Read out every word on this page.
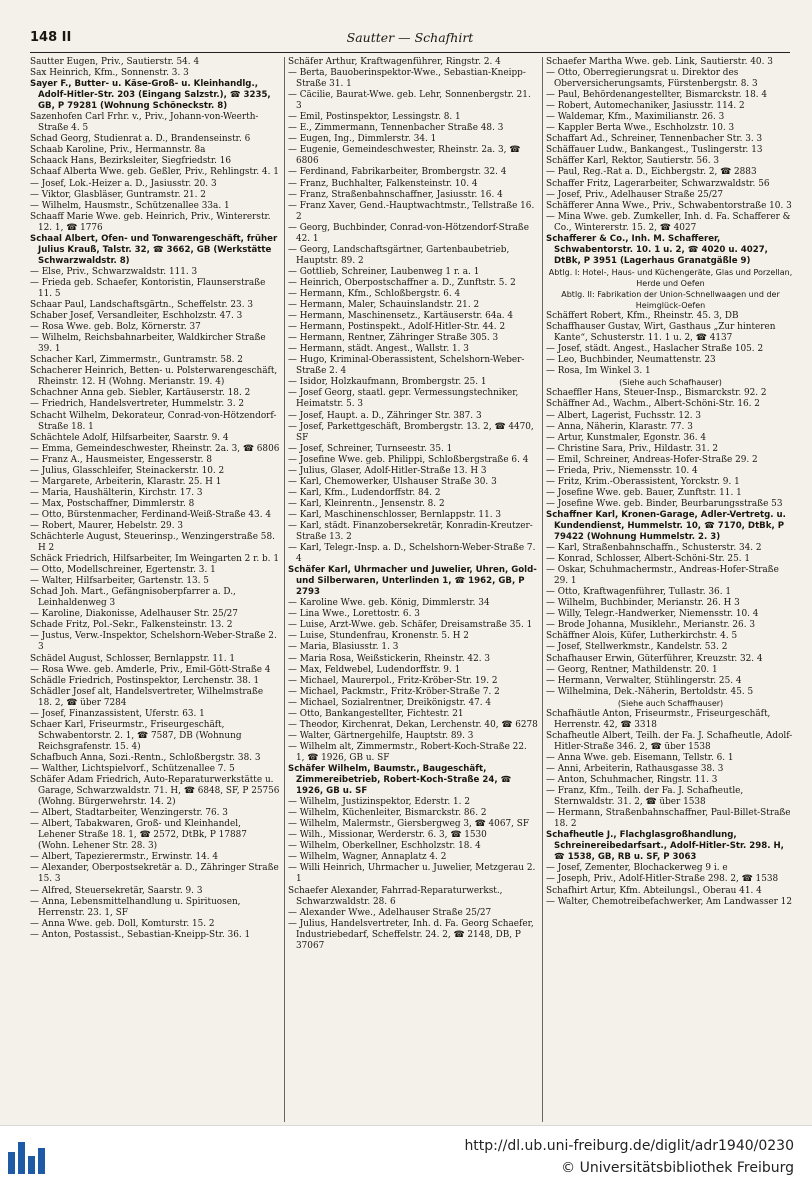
148 II	Sautter — Schafhirt
Sautter Eugen, Priv., Sautierstr. 54. 4
Sax Heinrich, Kfm., Sonnenstr. 3. 3
Sayer F., Butter- u. Käse-Groß- u. Kleinhandlg., Adolf-Hitler-Str. 203 (Eingang Salzstr.), ☎ 3235, GB, P 79281 (Wohnung Schöneckstr. 8)
Sazenhofen Carl Frhr. v., Priv., Johann-von-Weerth-Straße 4. 5
Schad Georg, Studienrat a. D., Brandenseinstr. 6
Schaab Karoline, Priv., Hermannstr. 8a
Schaack Hans, Bezirksleiter, Siegfriedstr. 16
Schaaf Alberta Wwe. geb. Geßler, Priv., Rehlingstr. 4. 1
— Josef, Lok.-Heizer a. D., Jasiusstr. 20. 3
— Viktor, Glasbläser, Guntramstr. 21. 2
— Wilhelm, Hausmstr., Schützenallee 33a. 1
Schaaff Marie Wwe. geb. Heinrich, Priv., Wintererstr. 12. 1, ☎ 1776
Schaal Albert, Ofen- und Tonwarengeschäft, früher Julius Krauß, Talstr. 32, ☎ 3662, GB (Werkstätte Schwarzwaldstr. 8)
— Else, Priv., Schwarzwaldstr. 111. 3
— Frieda geb. Schaefer, Kontoristin, Flaunserstraße 11. 5
Schaar Paul, Landschaftsgärtn., Scheffelstr. 23. 3
Schaber Josef, Versandleiter, Eschholzstr. 47. 3
— Rosa Wwe. geb. Bolz, Körnerstr. 37
— Wilhelm, Reichsbahnarbeiter, Waldkircher Straße 39. 1
Schacher Karl, Zimmermstr., Guntramstr. 58. 2
Schacherer Heinrich, Betten- u. Polsterwarengeschäft, Rheinstr. 12. H (Wohng. Merianstr. 19. 4)
Schachner Anna geb. Siebler, Kartäuserstr. 18. 2
— Friedrich, Handelsvertreter, Hummelstr. 3. 2
Schacht Wilhelm, Dekorateur, Conrad-von-Hötzendorf-Straße 18. 1
Schächtele Adolf, Hilfsarbeiter, Saarstr. 9. 4
— Emma, Gemeindeschwester, Rheinstr. 2a. 3, ☎ 6806
— Franz A., Hausmeister, Engesserstr. 8
— Julius, Glasschleifer, Steinackerstr. 10. 2
— Margarete, Arbeiterin, Klarastr. 25. H 1
— Maria, Haushälterin, Kirchstr. 17. 3
— Max, Postschaffner, Dimmlerstr. 8
— Otto, Bürstenmacher, Ferdinand-Weiß-Straße 43. 4
— Robert, Maurer, Hebelstr. 29. 3
Schächterle August, Steuerinsp., Wenzingerstraße 58. H 2
Schäck Friedrich, Hilfsarbeiter, Im Weingarten 2 r. b. 1
— Otto, Modellschreiner, Egertenstr. 3. 1
— Walter, Hilfsarbeiter, Gartenstr. 13. 5
Schad Joh. Mart., Gefängnisoberpfarrer a. D., Leinhaldenweg 3
— Karoline, Diakonisse, Adelhauser Str. 25/27
Schade Fritz, Pol.-Sekr., Falkensteinstr. 13. 2
— Justus, Verw.-Inspektor, Schelshorn-Weber-Straße 2. 3
Schädel August, Schlosser, Bernlappstr. 11. 1
— Rosa Wwe. geb. Amderle, Priv., Emil-Gött-Straße 4
Schädle Friedrich, Postinspektor, Lerchenstr. 38. 1
Schädler Josef alt, Handelsvertreter, Wilhelmstraße 18. 2, ☎ über 7284
— Josef, Finanzassistent, Uferstr. 63. 1
Schaer Karl, Friseurmstr., Friseurgeschäft, Schwabentorstr. 2. 1, ☎ 7587, DB (Wohnung Reichsgrafenstr. 15. 4)
Schafbuch Anna, Sozi.-Rentn., Schloßbergstr. 38. 3
— Walther, Lichtspielvorf., Schützenallee 7. 5
Schäfer Adam Friedrich, Auto-Reparaturwerkstätte u. Garage, Schwarzwaldstr. 71. H, ☎ 6848, SF, P 25756 (Wohng. Bürgerwehrstr. 14. 2)
— Albert, Stadtarbeiter, Wenzingerstr. 76. 3
— Albert, Tabakwaren, Groß- und Kleinhandel, Lehener Straße 18. 1, ☎ 2572, DtBk, P 17887 (Wohn. Lehener Str. 28. 3)
— Albert, Tapezierermstr., Erwinstr. 14. 4
— Alexander, Oberpostsekretär a. D., Zähringer Straße 15. 3
— Alfred, Steuersekretär, Saarstr. 9. 3
— Anna, Lebensmittelhandlung u. Spirituosen, Herrenstr. 23. 1, SF
— Anna Wwe. geb. Doll, Komturstr. 15. 2
— Anton, Postassist., Sebastian-Kneipp-Str. 36. 1
Schäfer Arthur, Kraftwagenführer, Ringstr. 2. 4
— Berta, Bauoberinspektor-Wwe., Sebastian-Kneipp-Straße 31. 1
— Cäcilie, Baurat-Wwe. geb. Lehr, Sonnenbergstr. 21. 3
— Emil, Postinspektor, Lessingstr. 8. 1
— E., Zimmermann, Tennenbacher Straße 48. 3
— Eugen, Ing., Dimmlerstr. 34. 1
— Eugenie, Gemeindeschwester, Rheinstr. 2a. 3, ☎ 6806
— Ferdinand, Fabrikarbeiter, Brombergstr. 32. 4
— Franz, Buchhalter, Falkensteinstr. 10. 4
— Franz, Straßenbahnschaffner, Jasiusstr. 16. 4
— Franz Xaver, Gend.-Hauptwachtmstr., Tellstraße 16. 2
— Georg, Buchbinder, Conrad-von-Hötzendorf-Straße 42. 1
— Georg, Landschaftsgärtner, Gartenbaubetrieb, Hauptstr. 89. 2
— Gottlieb, Schreiner, Laubenweg 1 r. a. 1
— Heinrich, Oberpostschaffner a. D., Zunftstr. 5. 2
— Hermann, Kfm., Schloßbergstr. 6. 4
— Hermann, Maler, Schauinslandstr. 21. 2
— Hermann, Maschinensetz., Kartäuserstr. 64a. 4
— Hermann, Postinspekt., Adolf-Hitler-Str. 44. 2
— Hermann, Rentner, Zähringer Straße 305. 3
— Hermann, städt. Angest., Wallstr. 1. 3
— Hugo, Kriminal-Oberassistent, Schelshorn-Weber-Straße 2. 4
— Isidor, Holzkaufmann, Brombergstr. 25. 1
— Josef Georg, staatl. gepr. Vermessungstechniker, Heimatstr. 5. 3
— Josef, Haupt. a. D., Zähringer Str. 387. 3
— Josef, Parkettgeschäft, Brombergstr. 13. 2, ☎ 4470, SF
— Josef, Schreiner, Turnseestr. 35. 1
— Josefine Wwe. geb. Philippi, Schloßbergstraße 6. 4
— Julius, Glaser, Adolf-Hitler-Straße 13. H 3
— Karl, Chemowerker, Ulshauser Straße 30. 3
— Karl, Kfm., Ludendorffstr. 84. 2
— Karl, Kleinrentn., Jensenstr. 8. 2
— Karl, Maschinenschlosser, Bernlappstr. 11. 3
— Karl, städt. Finanzobersekretär, Konradin-Kreutzer-Straße 13. 2
— Karl, Telegr.-Insp. a. D., Schelshorn-Weber-Straße 7. 4
Schäfer Karl, Uhrmacher und Juwelier, Uhren, Gold- und Silberwaren, Unterlinden 1, ☎ 1962, GB, P 2793
— Karoline Wwe. geb. König, Dimmlerstr. 34
— Lina Wwe., Lorettostr. 6. 3
— Luise, Arzt-Wwe. geb. Schäfer, Dreisamstraße 35. 1
— Luise, Stundenfrau, Kronenstr. 5. H 2
— Maria, Blasiusstr. 1. 3
— Maria Rosa, Weißstickerin, Rheinstr. 42. 3
— Max, Feldwebel, Ludendorffstr. 9. 1
— Michael, Maurerpol., Fritz-Kröber-Str. 19. 2
— Michael, Packmstr., Fritz-Kröber-Straße 7. 2
— Michael, Sozialrentner, Dreikönigstr. 47. 4
— Otto, Bankangestellter, Fichtestr. 21
— Theodor, Kirchenrat, Dekan, Lerchenstr. 40, ☎ 6278
— Walter, Gärtnergehilfe, Hauptstr. 89. 3
— Wilhelm alt, Zimmermstr., Robert-Koch-Straße 22. 1, ☎ 1926, GB u. SF
Schäfer Wilhelm, Baumstr., Baugeschäft, Zimmereibetrieb, Robert-Koch-Straße 24, ☎ 1926, GB u. SF
— Wilhelm, Justizinspektor, Ederstr. 1. 2
— Wilhelm, Küchenleiter, Bismarckstr. 86. 2
— Wilhelm, Malermstr., Giersbergweg 3, ☎ 4067, SF
— Wilh., Missionar, Werderstr. 6. 3, ☎ 1530
— Wilhelm, Oberkellner, Eschholzstr. 18. 4
— Wilhelm, Wagner, Annaplatz 4. 2
— Willi Heinrich, Uhrmacher u. Juwelier, Metzgerau 2. 1
Schaefer Alexander, Fahrrad-Reparaturwerkst., Schwarzwaldstr. 28. 6
— Alexander Wwe., Adelhauser Straße 25/27
— Julius, Handelsvertreter, Inh. d. Fa. Georg Schaefer, Industriebedarf, Scheffelstr. 24. 2, ☎ 2148, DB, P 37067
Schaefer Martha Wwe. geb. Link, Sautierstr. 40. 3
— Otto, Oberregierungsrat u. Direktor des Oberversicherungsamts, Fürstenbergstr. 8. 3
— Paul, Behördenangestellter, Bismarckstr. 18. 4
— Robert, Automechaniker, Jasiusstr. 114. 2
— Waldemar, Kfm., Maximilianstr. 26. 3
— Kappler Berta Wwe., Eschholzstr. 10. 3
Schaffart Ad., Schreiner, Tennenbacher Str. 3. 3
Schäffauer Ludw., Bankangest., Tuslingerstr. 13
Schäffer Karl, Rektor, Sautierstr. 56. 3
— Paul, Reg.-Rat a. D., Eichbergstr. 2, ☎ 2883
Schaffer Fritz, Lagerarbeiter, Schwarzwaldstr. 56
— Josef, Priv., Adelhauser Straße 25/27
Schäfferer Anna Wwe., Priv., Schwabentorstraße 10. 3
— Mina Wwe. geb. Zumkeller, Inh. d. Fa. Schafferer & Co., Wintererstr. 15. 2, ☎ 4027
Schafferer & Co., Inh. M. Schafferer, Schwabentorstr. 10. 1 u. 2, ☎ 4020 u. 4027, DtBk, P 3951 (Lagerhaus Granatgäßle 9)
Abtlg. I: Hotel-, Haus- und Küchengeräte, Glas und Porzellan, Herde und Oefen
Abtlg. II: Fabrikation der Union-Schnellwaagen und der Heimglück-Oefen
Schäffert Robert, Kfm., Rheinstr. 45. 3, DB
Schaffhauser Gustav, Wirt, Gasthaus „Zur hinteren Kante“, Schusterstr. 11. 1 u. 2, ☎ 4137
— Josef, städt. Angest., Haslacher Straße 105. 2
— Leo, Buchbinder, Neumattenstr. 23
— Rosa, Im Winkel 3. 1
(Siehe auch Schafhauser)
Schaeffler Hans, Steuer-Insp., Bismarckstr. 92. 2
Schäffner Ad., Wachm., Albert-Schöni-Str. 16. 2
— Albert, Lagerist, Fuchsstr. 12. 3
— Anna, Näherin, Klarastr. 77. 3
— Artur, Kunstmaler, Egonstr. 36. 4
— Christine Sara, Priv., Hildastr. 31. 2
— Emil, Schreiner, Andreas-Hofer-Straße 29. 2
— Frieda, Priv., Niemensstr. 10. 4
— Fritz, Krim.-Oberassistent, Yorckstr. 9. 1
— Josefine Wwe. geb. Bauer, Zunftstr. 11. 1
— Josefine Wwe. geb. Binder, Beurbarungsstraße 53
Schaffner Karl, Kronen-Garage, Adler-Vertretg. u. Kundendienst, Hummelstr. 10, ☎ 7170, DtBk, P 79422 (Wohnung Hummelstr. 2. 3)
— Karl, Straßenbahnschaffn., Schusterstr. 34. 2
— Konrad, Schlosser, Albert-Schöni-Str. 25. 1
— Oskar, Schuhmachermstr., Andreas-Hofer-Straße 29. 1
— Otto, Kraftwagenführer, Tullastr. 36. 1
— Wilhelm, Buchbinder, Merianstr. 26. H 3
— Willy, Telegr.-Handwerker, Niemensstr. 10. 4
— Brode Johanna, Musiklehr., Merianstr. 26. 3
Schäffner Alois, Küfer, Lutherkirchstr. 4. 5
— Josef, Stellwerkmstr., Kandelstr. 53. 2
Schafhauser Erwin, Güterführer, Kreuzstr. 32. 4
— Georg, Rentner, Mathildenstr. 20. 1
— Hermann, Verwalter, Stühlingerstr. 25. 4
— Wilhelmina, Dek.-Näherin, Bertoldstr. 45. 5
(Siehe auch Schaffhauser)
Schafhäutle Anton, Friseurmstr., Friseurgeschäft, Herrenstr. 42, ☎ 3318
Schafheutle Albert, Teilh. der Fa. J. Schafheutle, Adolf-Hitler-Straße 346. 2, ☎ über 1538
— Anna Wwe. geb. Eisemann, Tellstr. 6. 1
— Anni, Arbeiterin, Rathausgasse 38. 3
— Anton, Schuhmacher, Ringstr. 11. 3
— Franz, Kfm., Teilh. der Fa. J. Schafheutle, Sternwaldstr. 31. 2, ☎ über 1538
— Hermann, Straßenbahnschaffner, Paul-Billet-Straße 18. 2
Schafheutle J., Flachglasgroßhandlung, Schreinereibedarfsart., Adolf-Hitler-Str. 298. H, ☎ 1538, GB, RB u. SF, P 3063
— Josef, Zementer, Blochackerweg 9 i. e
— Joseph, Priv., Adolf-Hitler-Straße 298. 2, ☎ 1538
Schafhirt Artur, Kfm. Abteilungsl., Oberau 41. 4
— Walter, Chemotreibefachwerker, Am Landwasser 12
http://dl.ub.uni-freiburg.de/diglit/adr1940/0230
© Universitätsbibliothek Freiburg
